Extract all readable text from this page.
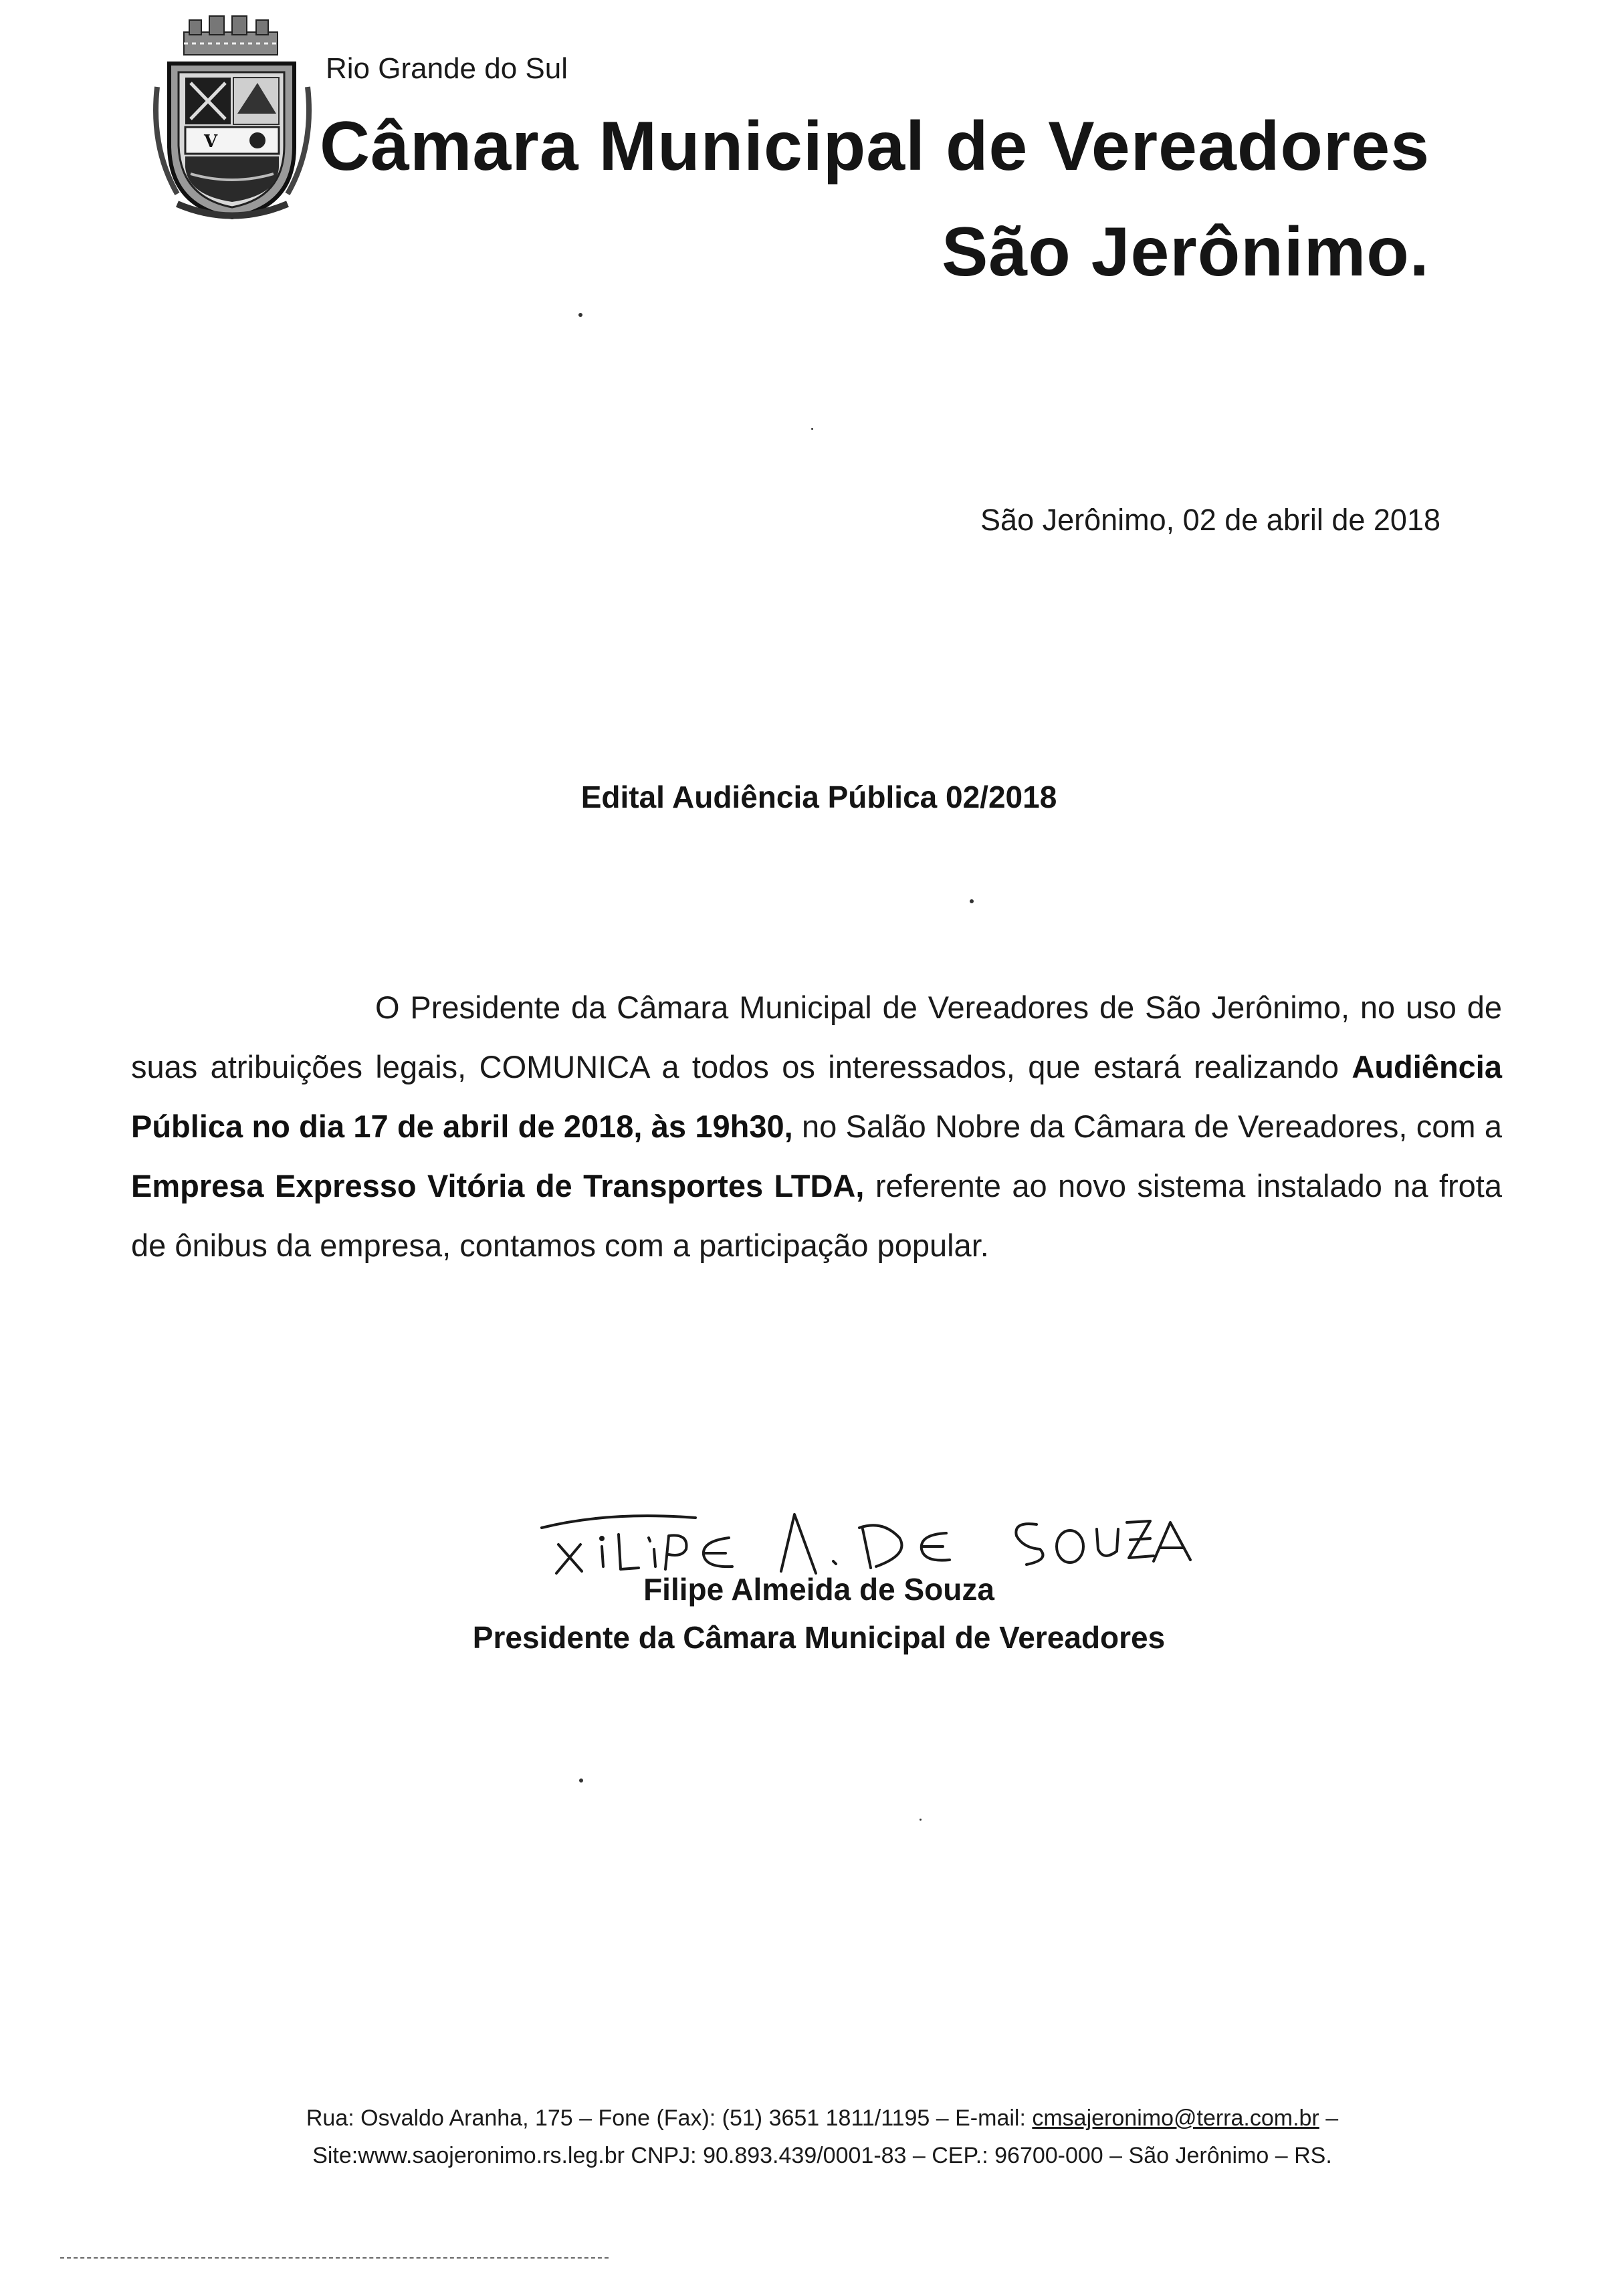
V
Rio Grande do Sul
Câmara Municipal de Vereadores
São Jerônimo.
São Jerônimo, 02 de abril de 2018
Edital Audiência Pública 02/2018
O Presidente da Câmara Municipal de Vereadores de São Jerônimo, no uso de suas atribuições legais, COMUNICA a todos os interessados, que estará realizando Audiência Pública no dia 17 de abril de 2018, às 19h30, no Salão Nobre da Câmara de Vereadores, com a Empresa Expresso Vitória de Transportes LTDA, referente ao novo sistema instalado na frota de ônibus da empresa, contamos com a participação popular.
Filipe Almeida de Souza
Presidente da Câmara Municipal de Vereadores
Rua: Osvaldo Aranha, 175 – Fone (Fax): (51) 3651 1811/1195 – E-mail: cmsajeronimo@terra.com.br –
Site:www.saojeronimo.rs.leg.br CNPJ: 90.893.439/0001-83 – CEP.: 96700-000 – São Jerônimo – RS.
